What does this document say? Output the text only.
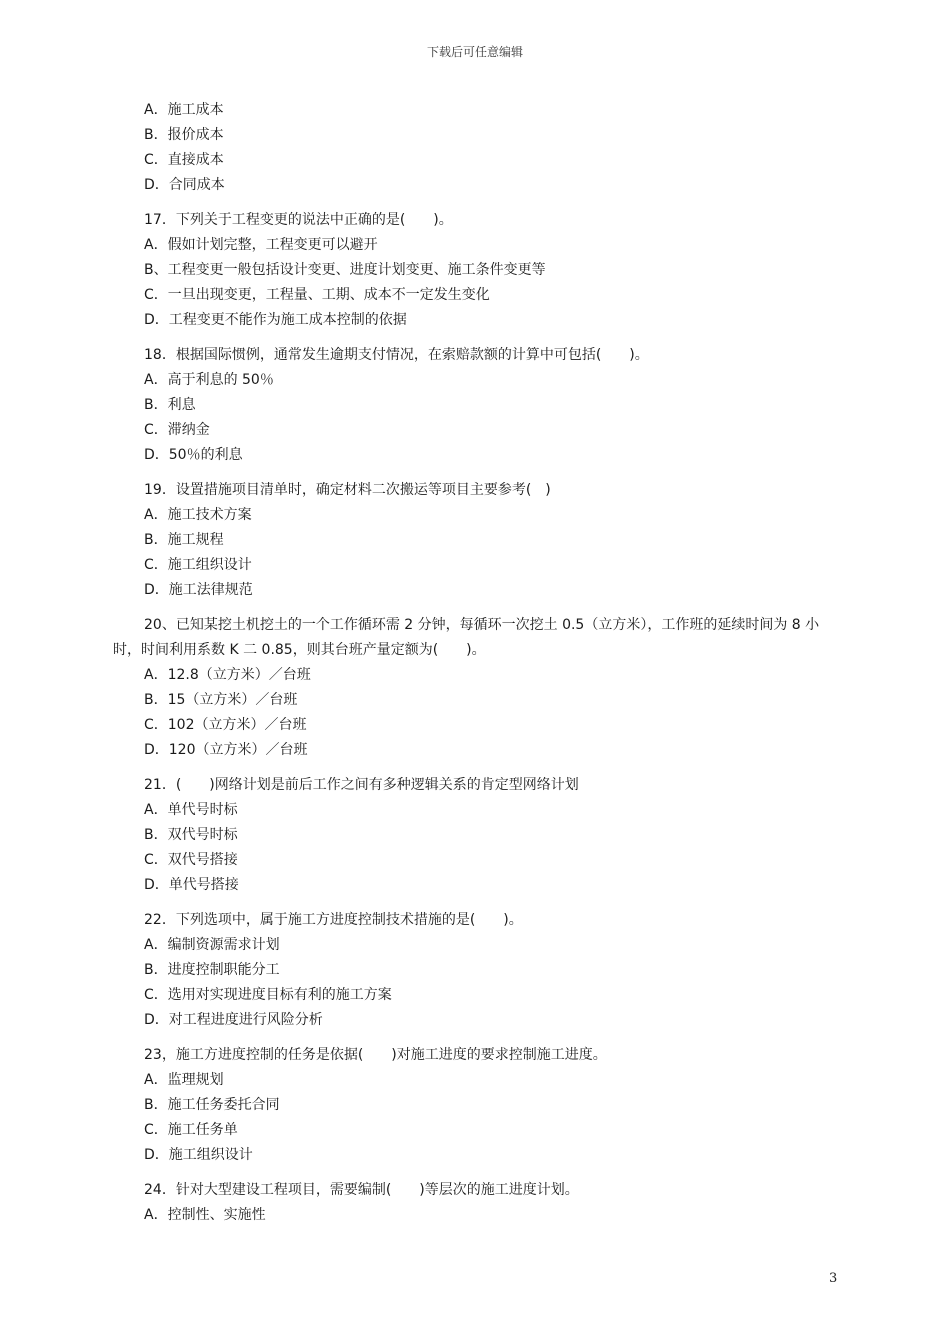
下载后可任意编辑
A．施工成本
B．报价成本
C．直接成本
D．合同成本
17．下列关于工程变更的说法中正确的是(　　)。
A．假如计划完整，工程变更可以避开
B、工程变更一般包括设计变更、进度计划变更、施工条件变更等
C．一旦出现变更，工程量、工期、成本不一定发生变化
D．工程变更不能作为施工成本控制的依据
18．根据国际惯例，通常发生逾期支付情况，在索赔款额的计算中可包括(　　)。
A．高于利息的 50％
B．利息
C．滞纳金
D．50％的利息
19．设置措施项目清单时，确定材料二次搬运等项目主要参考(　)
A．施工技术方案
B．施工规程
C．施工组织设计
D．施工法律规范
20、已知某挖土机挖土的一个工作循环需 2 分钟，每循环一次挖土 0.5（立方米），工作班的延续时间为 8 小时，时间利用系数 K 二 0.85，则其台班产量定额为(　　)。
A．12.8（立方米）／台班
B．15（立方米）／台班
C．102（立方米）／台班
D．120（立方米）／台班
21．(　　)网络计划是前后工作之间有多种逻辑关系的肯定型网络计划
A．单代号时标
B．双代号时标
C．双代号搭接
D．单代号搭接
22．下列选项中，属于施工方进度控制技术措施的是(　　)。
A．编制资源需求计划
B．进度控制职能分工
C．选用对实现进度目标有利的施工方案
D．对工程进度进行风险分析
23，施工方进度控制的任务是依据(　　)对施工进度的要求控制施工进度。
A．监理规划
B．施工任务委托合同
C．施工任务单
D．施工组织设计
24．针对大型建设工程项目，需要编制(　　)等层次的施工进度计划。
A．控制性、实施性
3
